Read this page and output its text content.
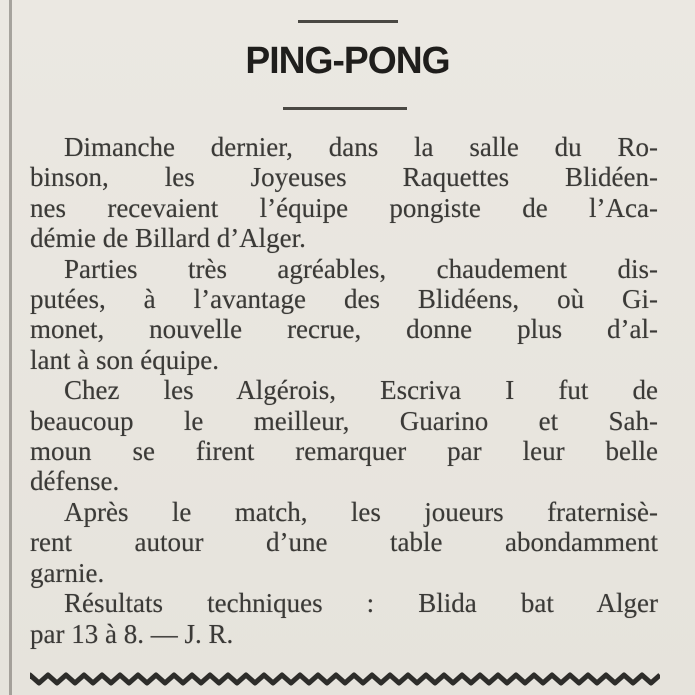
PING-PONG

Dimanche dernier, dans la salle du Ro-
binson, les Joyeuses Raquettes Blidéen-
nes recevaient l’équipe pongiste de l’Aca-
démie de Billard d’Alger.

Parties très agréables, chaudement dis-
putées, à l’avantage des Blidéens, où Gi-
monet, nouvelle recrue, donne plus d’al-
lant à son équipe.

Chez les Algérois, Escriva I fut de
beaucoup le meilleur, Guarino et Sah-
moun se firent remarquer par leur belle
défense.

Après le match, les joueurs fraternisè-
rent autour d’une table abondamment
garnie.

Résultats techniques : Blida bat Alger
par 13 à 8. — J. R.
